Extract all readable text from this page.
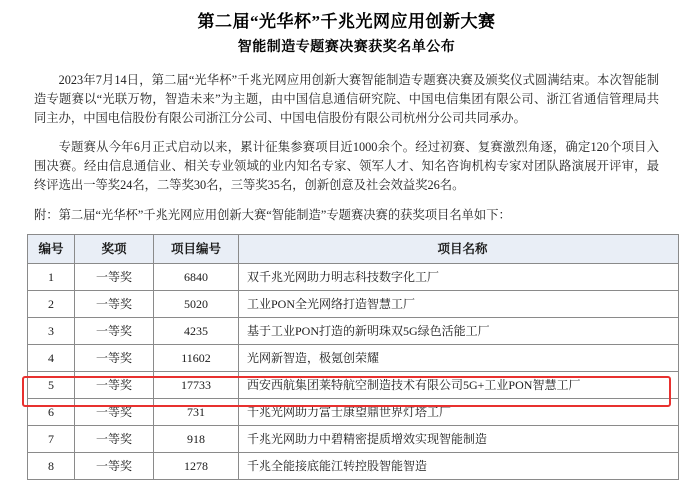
第二届“光华杯”千兆光网应用创新大赛
智能制造专题赛决赛获奖名单公布
2023年7月14日，第二届“光华杯”千兆光网应用创新大赛智能制造专题赛决赛及颁奖仪式圆满结束。本次智能制造专题赛以“光联万物，智造未来”为主题，由中国信息通信研究院、中国电信集团有限公司、浙江省通信管理局共同主办，中国电信股份有限公司浙江分公司、中国电信股份有限公司杭州分公司共同承办。
专题赛从今年6月正式启动以来，累计征集参赛项目近1000余个。经过初赛、复赛激烈角逐，确定120个项目入围决赛。经由信息通信业、相关专业领域的业内知名专家、领军人才、知名咨询机构专家对团队路演展开评审，最终评选出一等奖24名，二等奖30名，三等奖35名，创新创意及社会效益奖26名。
附：第二届“光华杯”千兆光网应用创新大赛“智能制造”专题赛决赛的获奖项目名单如下：
编号	奖项	项目编号	项目名称
1	一等奖	6840	双千兆光网助力明志科技数字化工厂
2	一等奖	5020	工业PON全光网络打造智慧工厂
3	一等奖	4235	基于工业PON打造的新明珠双5G绿色活能工厂
4	一等奖	11602	光网新智造，极氪创荣耀
5	一等奖	17733	西安西航集团莱特航空制造技术有限公司5G+工业PON智慧工厂
6	一等奖	731	千兆光网助力富士康望鼎世界灯塔工厂
7	一等奖	918	千兆光网助力中碧精密提质增效实现智能制造
8	一等奖	1278	千兆全能接底能江转控股智能智造
